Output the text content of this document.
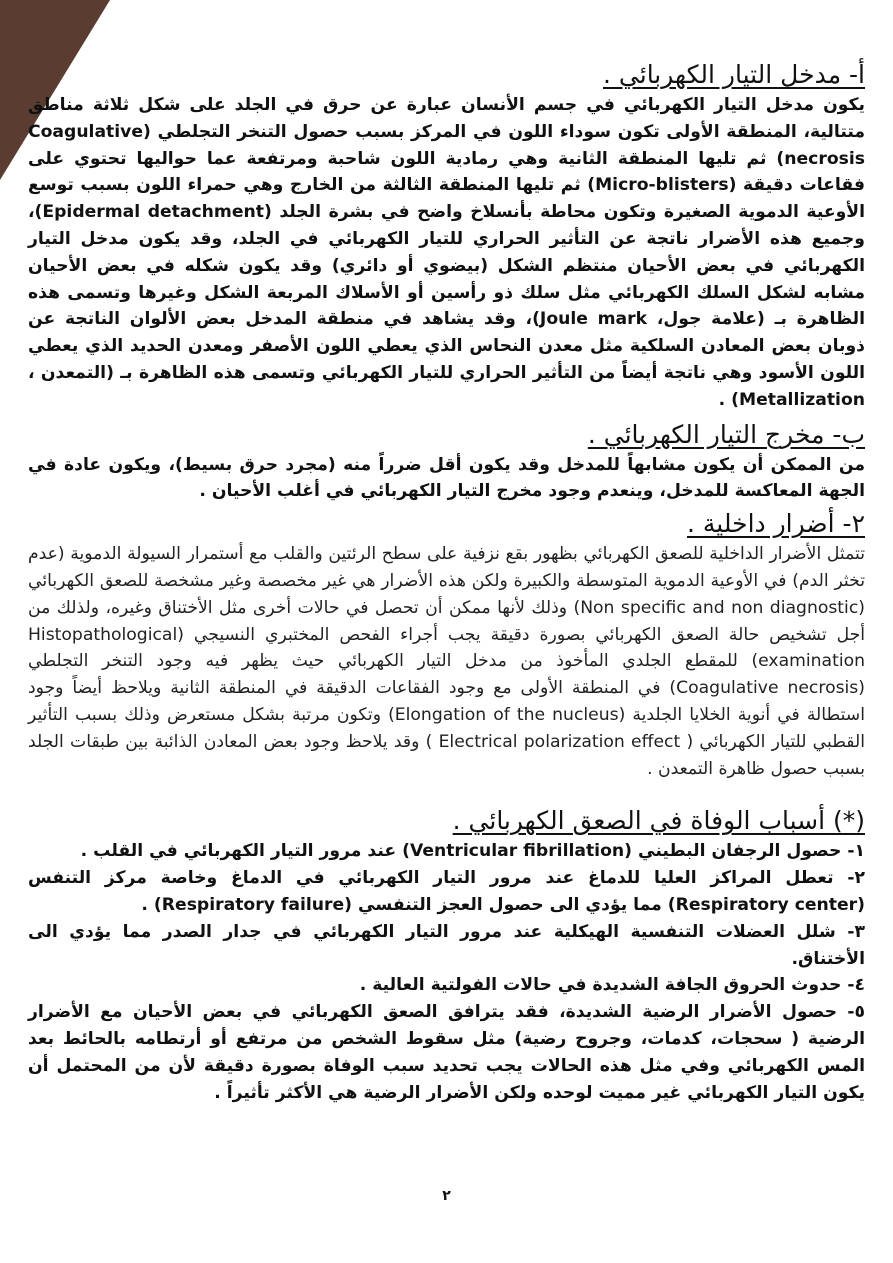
أ- مدخل التيار الكهربائي .

يكون مدخل التيار الكهربائي في جسم الأنسان عبارة عن حرق في الجلد على شكل ثلاثة مناطق متتالية، المنطقة الأولى تكون سوداء اللون في المركز بسبب حصول التنخر التجلطي (Coagulative necrosis) ثم تليها المنطقة الثانية وهي رمادية اللون شاحبة ومرتفعة عما حواليها تحتوي على فقاعات دقيقة (Micro-blisters) ثم تليها المنطقة الثالثة من الخارج وهي حمراء اللون بسبب توسع الأوعية الدموية الصغيرة وتكون محاطة بأنسلاخ واضح في بشرة الجلد (Epidermal detachment)، وجميع هذه الأضرار ناتجة عن التأثير الحراري للتيار الكهربائي في الجلد، وقد يكون مدخل التيار الكهربائي في بعض الأحيان منتظم الشكل (بيضوي أو دائري) وقد يكون شكله في بعض الأحيان مشابه لشكل السلك الكهربائي مثل سلك ذو رأسين أو الأسلاك المربعة الشكل وغيرها وتسمى هذه الظاهرة بـ (علامة جول، Joule mark)، وقد يشاهد في منطقة المدخل بعض الألوان الناتجة عن ذوبان بعض المعادن السلكية مثل معدن النحاس الذي يعطي اللون الأصفر ومعدن الحديد الذي يعطي اللون الأسود وهي ناتجة أيضاً من التأثير الحراري للتيار الكهربائي وتسمى هذه الظاهرة بـ (التمعدن ، Metallization) .

ب- مخرج التيار الكهربائي .

من الممكن أن يكون مشابهاً للمدخل وقد يكون أقل ضرراً منه (مجرد حرق بسيط)، ويكون عادة في الجهة المعاكسة للمدخل، وينعدم وجود مخرج التيار الكهربائي في أغلب الأحيان .

٢- أضرار داخلية .

تتمثل الأضرار الداخلية للصعق الكهربائي بظهور بقع نزفية على سطح الرئتين والقلب مع أستمرار السيولة الدموية (عدم تخثر الدم) في الأوعية الدموية المتوسطة والكبيرة ولكن هذه الأضرار هي غير مخصصة وغير مشخصة للصعق الكهربائي (Non specific and non diagnostic) وذلك لأنها ممكن أن تحصل في حالات أخرى مثل الأختناق وغيره، ولذلك من أجل تشخيص حالة الصعق الكهربائي بصورة دقيقة يجب أجراء الفحص المختبري النسيجي (Histopathological examination) للمقطع الجلدي المأخوذ من مدخل التيار الكهربائي حيث يظهر فيه وجود التنخر التجلطي (Coagulative necrosis) في المنطقة الأولى مع وجود الفقاعات الدقيقة في المنطقة الثانية ويلاحظ أيضاً وجود استطالة في أنوية الخلايا الجلدية (Elongation of the nucleus) وتكون مرتبة بشكل مستعرض وذلك بسبب التأثير القطبي للتيار الكهربائي ( Electrical polarization effect ) وقد يلاحظ وجود بعض المعادن الذائبة بين طبقات الجلد بسبب حصول ظاهرة التمعدن .

(*) أسباب الوفاة في الصعق الكهربائي .

١- حصول الرجفان البطيني (Ventricular fibrillation) عند مرور التيار الكهربائي في القلب .

٢- تعطل المراكز العليا للدماغ عند مرور التيار الكهربائي في الدماغ وخاصة مركز التنفس (Respiratory center) مما يؤدي الى حصول العجز التنفسي (Respiratory failure) .

٣- شلل العضلات التنفسية الهيكلية عند مرور التيار الكهربائي في جدار الصدر مما يؤدي الى الأختناق.

٤- حدوث الحروق الجافة الشديدة في حالات الفولتية العالية .

٥- حصول الأضرار الرضية الشديدة، فقد يترافق الصعق الكهربائي في بعض الأحيان مع الأضرار الرضية ( سحجات، كدمات، وجروح رضية) مثل سقوط الشخص من مرتفع أو أرتطامه بالحائط بعد المس الكهربائي وفي مثل هذه الحالات يجب تحديد سبب الوفاة بصورة دقيقة لأن من المحتمل أن يكون التيار الكهربائي غير مميت لوحده ولكن الأضرار الرضية هي الأكثر تأثيراً .

٢
